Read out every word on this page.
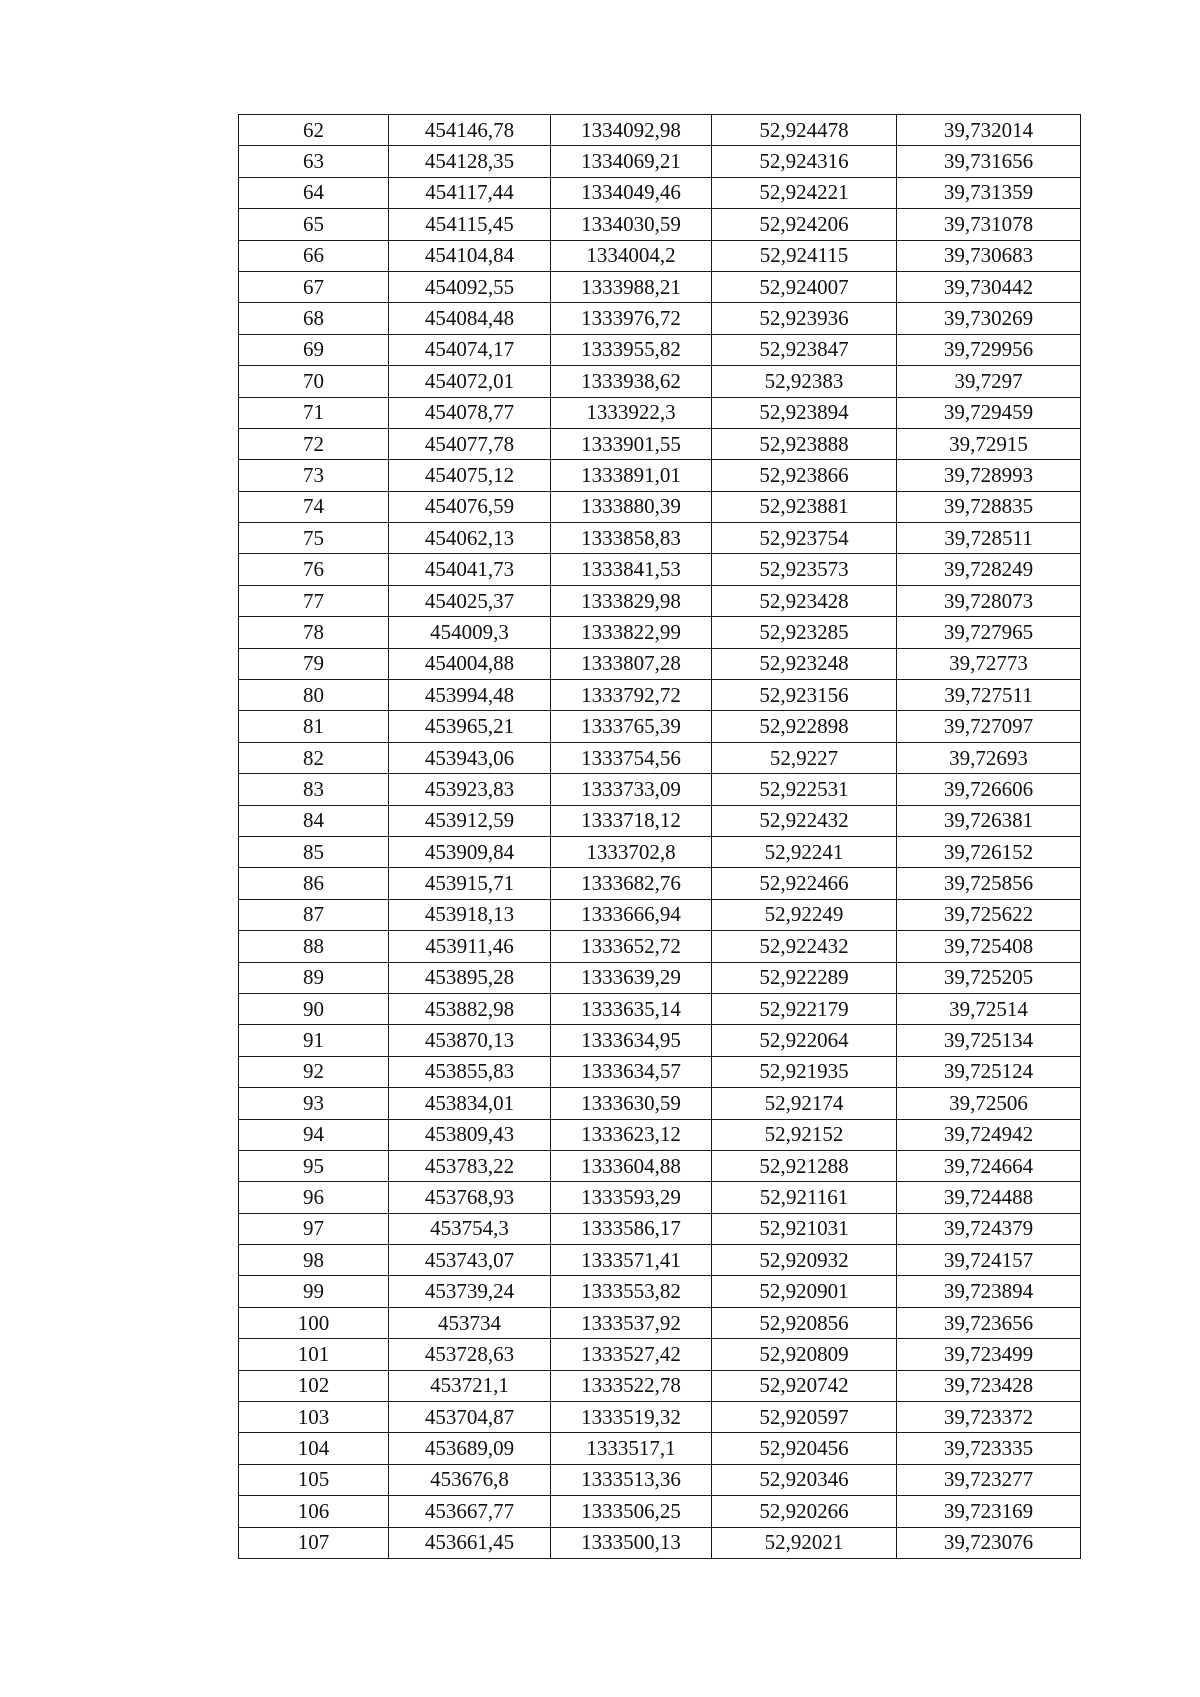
62	454146,78	1334092,98	52,924478	39,732014
63	454128,35	1334069,21	52,924316	39,731656
64	454117,44	1334049,46	52,924221	39,731359
65	454115,45	1334030,59	52,924206	39,731078
66	454104,84	1334004,2	52,924115	39,730683
67	454092,55	1333988,21	52,924007	39,730442
68	454084,48	1333976,72	52,923936	39,730269
69	454074,17	1333955,82	52,923847	39,729956
70	454072,01	1333938,62	52,92383	39,7297
71	454078,77	1333922,3	52,923894	39,729459
72	454077,78	1333901,55	52,923888	39,72915
73	454075,12	1333891,01	52,923866	39,728993
74	454076,59	1333880,39	52,923881	39,728835
75	454062,13	1333858,83	52,923754	39,728511
76	454041,73	1333841,53	52,923573	39,728249
77	454025,37	1333829,98	52,923428	39,728073
78	454009,3	1333822,99	52,923285	39,727965
79	454004,88	1333807,28	52,923248	39,72773
80	453994,48	1333792,72	52,923156	39,727511
81	453965,21	1333765,39	52,922898	39,727097
82	453943,06	1333754,56	52,9227	39,72693
83	453923,83	1333733,09	52,922531	39,726606
84	453912,59	1333718,12	52,922432	39,726381
85	453909,84	1333702,8	52,92241	39,726152
86	453915,71	1333682,76	52,922466	39,725856
87	453918,13	1333666,94	52,92249	39,725622
88	453911,46	1333652,72	52,922432	39,725408
89	453895,28	1333639,29	52,922289	39,725205
90	453882,98	1333635,14	52,922179	39,72514
91	453870,13	1333634,95	52,922064	39,725134
92	453855,83	1333634,57	52,921935	39,725124
93	453834,01	1333630,59	52,92174	39,72506
94	453809,43	1333623,12	52,92152	39,724942
95	453783,22	1333604,88	52,921288	39,724664
96	453768,93	1333593,29	52,921161	39,724488
97	453754,3	1333586,17	52,921031	39,724379
98	453743,07	1333571,41	52,920932	39,724157
99	453739,24	1333553,82	52,920901	39,723894
100	453734	1333537,92	52,920856	39,723656
101	453728,63	1333527,42	52,920809	39,723499
102	453721,1	1333522,78	52,920742	39,723428
103	453704,87	1333519,32	52,920597	39,723372
104	453689,09	1333517,1	52,920456	39,723335
105	453676,8	1333513,36	52,920346	39,723277
106	453667,77	1333506,25	52,920266	39,723169
107	453661,45	1333500,13	52,92021	39,723076
